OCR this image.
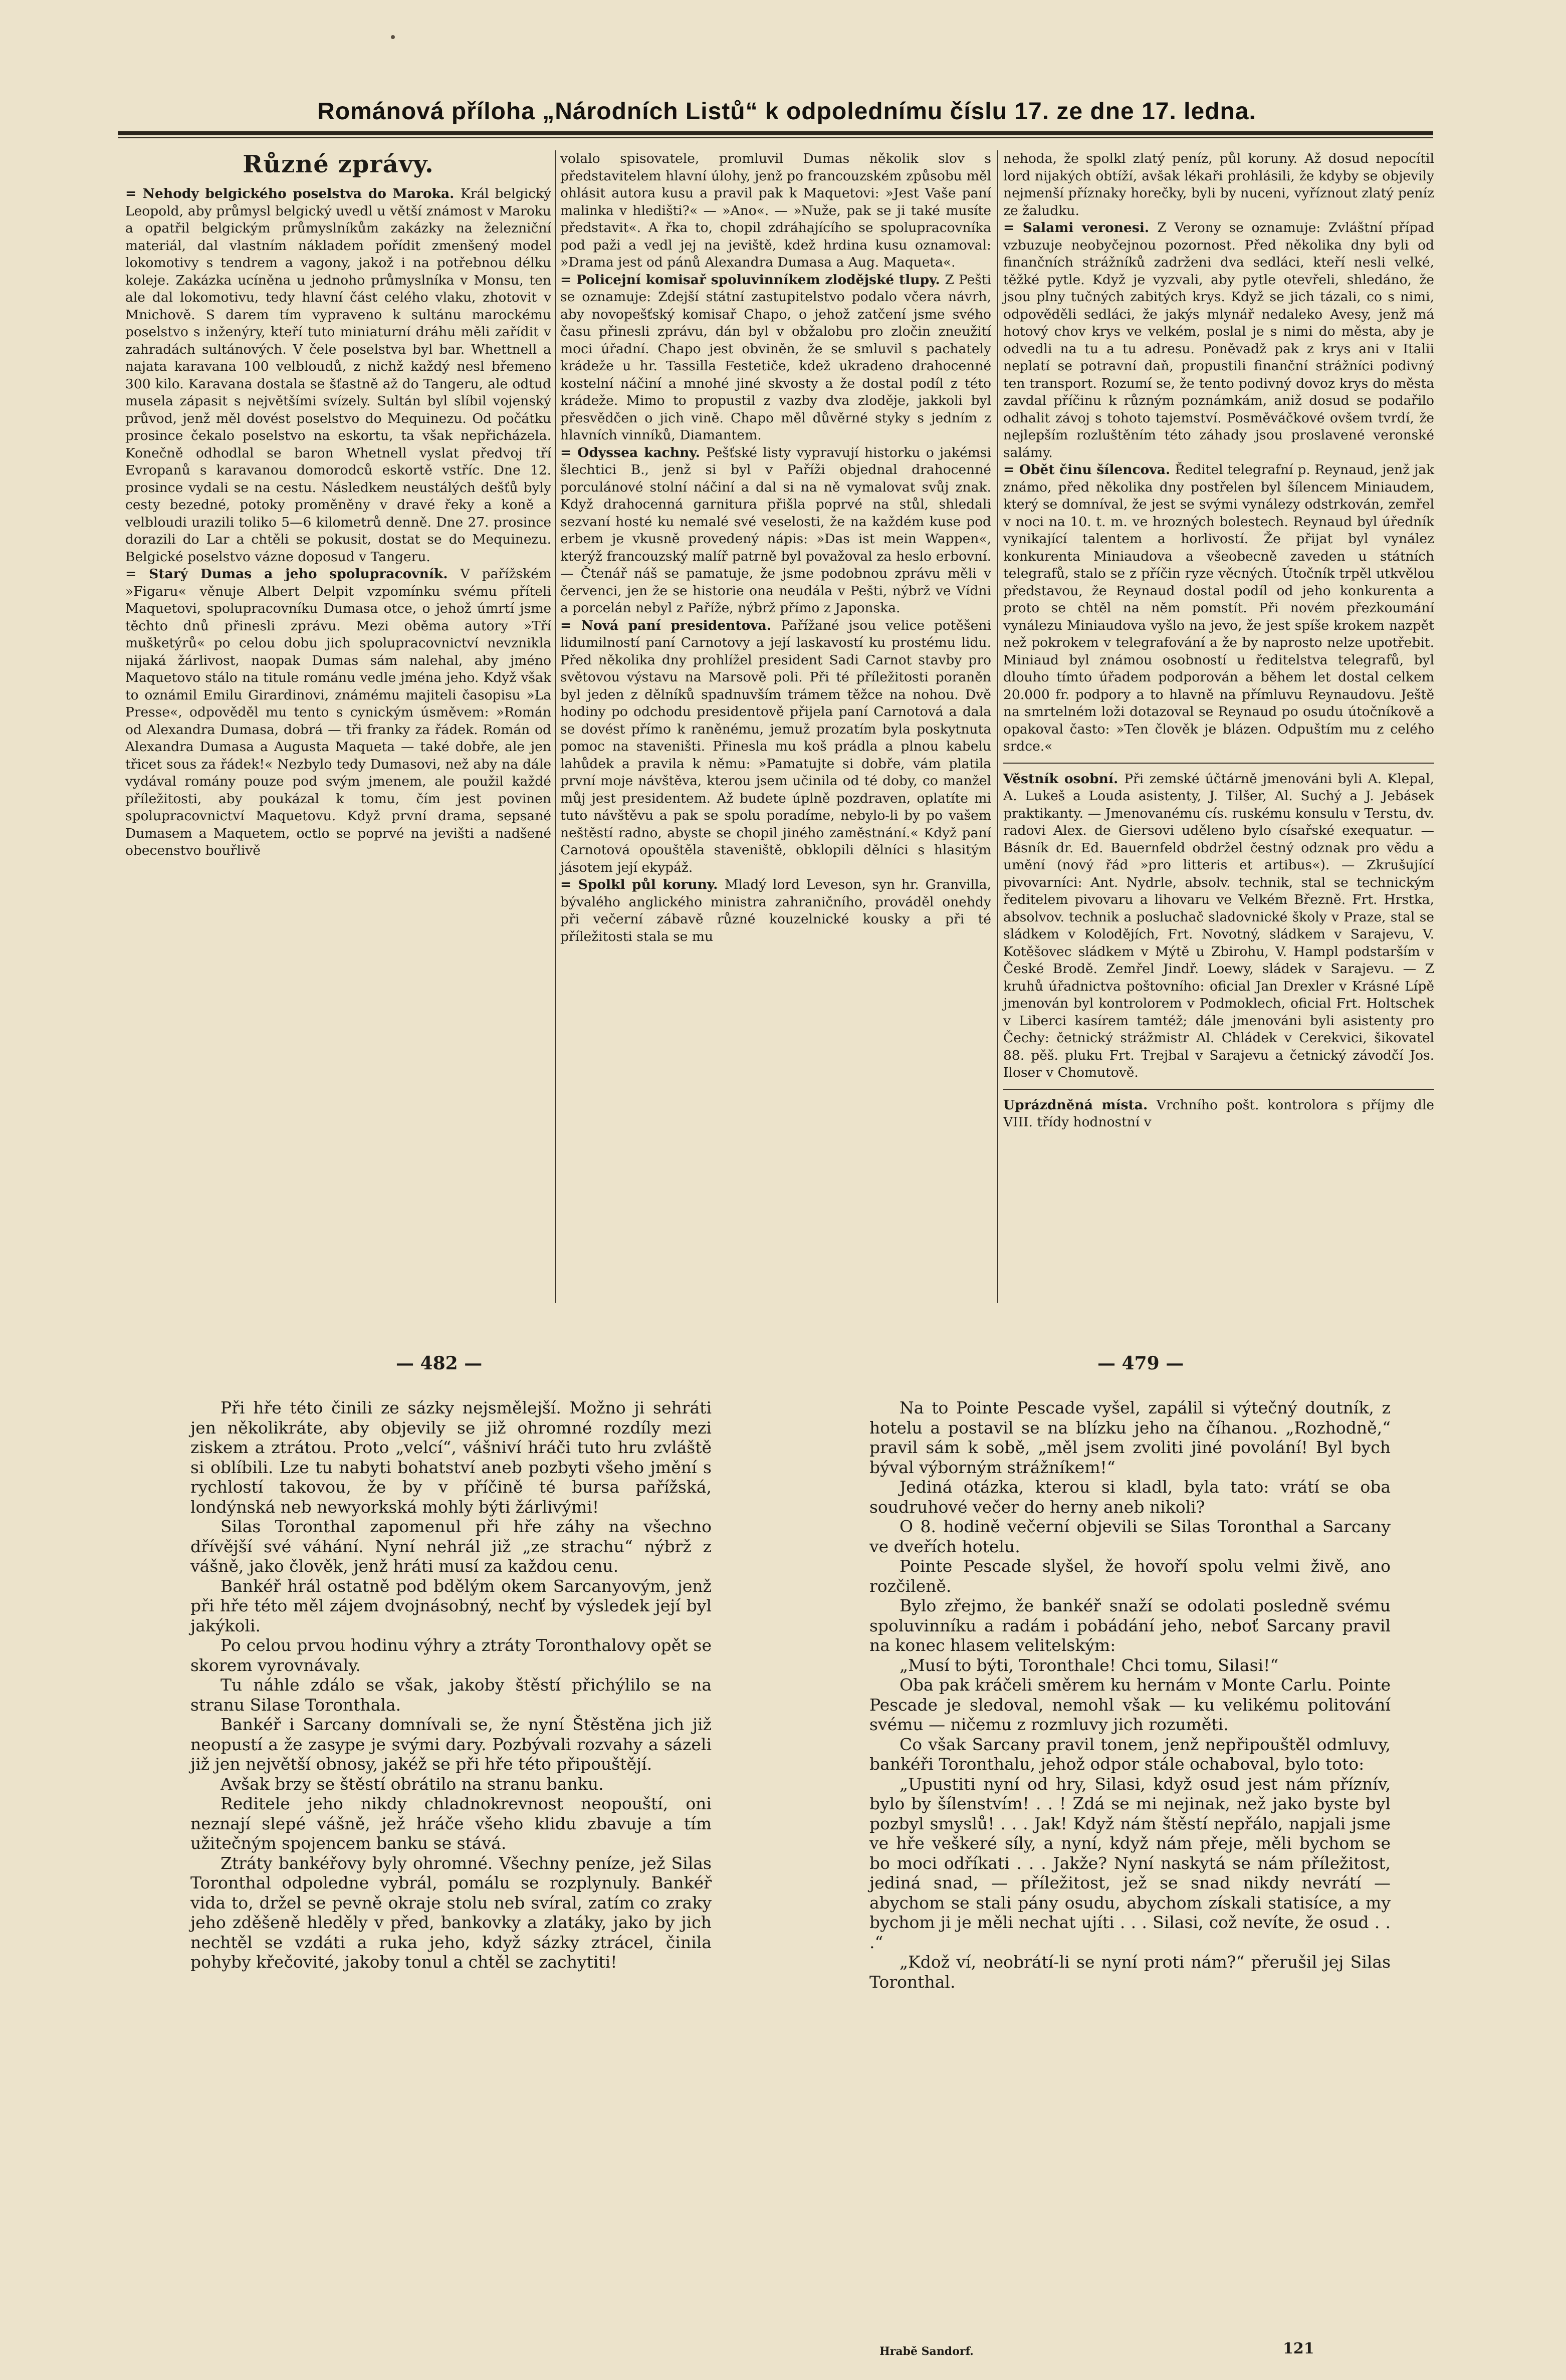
Románová příloha „Národních Listů“ k odpolednímu číslu 17. ze dne 17. ledna.
Různé zprávy.

= Nehody belgického poselstva do Maroka. Král belgický Leopold, aby průmysl belgický uvedl u větší známost v Maroku a opatřil belgickým průmyslníkům zakázky na železniční materiál, dal vlastním nákladem pořídit zmenšený model lokomotivy s tendrem a vagony, jakož i na potřebnou délku koleje. Zakázka ucíněna u jednoho průmyslníka v Monsu, ten ale dal lokomotivu, tedy hlavní část celého vlaku, zhotovit v Mnichově. S darem tím vypraveno k sultánu marockému poselstvo s inženýry, kteří tuto miniaturní dráhu měli zařídit v zahradách sultánových. V čele poselstva byl bar. Whettnell a najata karavana 100 velbloudů, z nichž každý nesl břemeno 300 kilo. Karavana dostala se šťastně až do Tangeru, ale odtud musela zápasit s největšími svízely. Sultán byl slíbil vojenský průvod, jenž měl dovést poselstvo do Mequinezu. Od počátku prosince čekalo poselstvo na eskortu, ta však nepřicházela. Konečně odhodlal se baron Whetnell vyslat předvoj tří Evropanů s karavanou domorodců eskortě vstříc. Dne 12. prosince vydali se na cestu. Následkem neustálých dešťů byly cesty bezedné, potoky proměněny v dravé řeky a koně a velbloudi urazili toliko 5—6 kilometrů denně. Dne 27. prosince dorazili do Lar a chtěli se pokusit, dostat se do Mequinezu. Belgické poselstvo vázne doposud v Tangeru.

= Starý Dumas a jeho spolupracovník. V pařížském »Figaru« věnuje Albert Delpit vzpomínku svému příteli Maquetovi, spolupracovníku Dumasa otce, o jehož úmrtí jsme těchto dnů přinesli zprávu. Mezi oběma autory »Tří mušketýrů« po celou dobu jich spolupracovnictví nevznikla nijaká žárlivost, naopak Dumas sám nalehal, aby jméno Maquetovo stálo na titule románu vedle jména jeho. Když však to oznámil Emilu Girardinovi, známému majiteli časopisu »La Presse«, odpověděl mu tento s cynickým úsměvem: »Román od Alexandra Dumasa, dobrá — tři franky za řádek. Román od Alexandra Dumasa a Augusta Maqueta — také dobře, ale jen třicet sous za řádek!« Nezbylo tedy Dumasovi, než aby na dále vydával romány pouze pod svým jmenem, ale použil každé příležitosti, aby poukázal k tomu, čím jest povinen spolupracovnictví Maquetovu. Když první drama, sepsané Dumasem a Maquetem, octlo se poprvé na jevišti a nadšené obecenstvo bouřlivě

volalo spisovatele, promluvil Dumas několik slov s představitelem hlavní úlohy, jenž po francouzském způsobu měl ohlásit autora kusu a pravil pak k Maquetovi: »Jest Vaše paní malinka v hledišti?« — »Ano«. — »Nuže, pak se ji také musíte představit«. A řka to, chopil zdráhajícího se spolupracovníka pod paži a vedl jej na jeviště, kdež hrdina kusu oznamoval: »Drama jest od pánů Alexandra Dumasa a Aug. Maqueta«.

= Policejní komisař spoluvinníkem zlodějské tlupy. Z Pešti se oznamuje: Zdejší státní zastupitelstvo podalo včera návrh, aby novopešťský komisař Chapo, o jehož zatčení jsme svého času přinesli zprávu, dán byl v obžalobu pro zločin zneužití moci úřadní. Chapo jest obviněn, že se smluvil s pachately krádeže u hr. Tassilla Festetiče, kdež ukradeno drahocenné kostelní náčiní a mnohé jiné skvosty a že dostal podíl z této krádeže. Mimo to propustil z vazby dva zloděje, jakkoli byl přesvědčen o jich vině. Chapo měl důvěrné styky s jedním z hlavních vinníků, Diamantem.

= Odyssea kachny. Pešťské listy vypravují historku o jakémsi šlechtici B., jenž si byl v Paříži objednal drahocenné porculánové stolní náčiní a dal si na ně vymalovat svůj znak. Když drahocenná garnitura přišla poprvé na stůl, shledali sezvaní hosté ku nemalé své veselosti, že na každém kuse pod erbem je vkusně provedený nápis: »Das ist mein Wappen«, kterýž francouzský malíř patrně byl považoval za heslo erbovní. — Čtenář náš se pamatuje, že jsme podobnou zprávu měli v červenci, jen že se historie ona neudála v Pešti, nýbrž ve Vídni a porcelán nebyl z Paříže, nýbrž přímo z Japonska.

= Nová paní presidentova. Pařížané jsou velice potěšeni lidumilností paní Carnotovy a její laskavostí ku prostému lidu. Před několika dny prohlížel president Sadi Carnot stavby pro světovou výstavu na Marsově poli. Při té příležitosti poraněn byl jeden z dělníků spadnuvším trámem těžce na nohou. Dvě hodiny po odchodu presidentově přijela paní Carnotová a dala se dovést přímo k raněnému, jemuž prozatím byla poskytnuta pomoc na staveništi. Přinesla mu koš prádla a plnou kabelu lahůdek a pravila k němu: »Pamatujte si dobře, vám platila první moje návštěva, kterou jsem učinila od té doby, co manžel můj jest presidentem. Až budete úplně pozdraven, oplatíte mi tuto návštěvu a pak se spolu poradíme, nebylo-li by po vašem neštěstí radno, abyste se chopil jiného zaměstnání.« Když paní Carnotová opouštěla staveniště, obklopili dělníci s hlasitým jásotem její ekypáž.

= Spolkl půl koruny. Mladý lord Leveson, syn hr. Granvilla, bývalého anglického ministra zahraničního, prováděl onehdy při večerní zábavě různé kouzelnické kousky a při té příležitosti stala se mu

nehoda, že spolkl zlatý peníz, půl koruny. Až dosud nepocítil lord nijakých obtíží, avšak lékaři prohlásili, že kdyby se objevily nejmenší příznaky horečky, byli by nuceni, vyříznout zlatý peníz ze žaludku.

= Salami veronesi. Z Verony se oznamuje: Zvláštní případ vzbuzuje neobyčejnou pozornost. Před několika dny byli od finančních strážníků zadrženi dva sedláci, kteří nesli velké, těžké pytle. Když je vyzvali, aby pytle otevřeli, shledáno, že jsou plny tučných zabitých krys. Když se jich tázali, co s nimi, odpověděli sedláci, že jakýs mlynář nedaleko Avesy, jenž má hotový chov krys ve velkém, poslal je s nimi do města, aby je odvedli na tu a tu adresu. Poněvadž pak z krys ani v Italii neplatí se potravní daň, propustili finanční strážníci podivný ten transport. Rozumí se, že tento podivný dovoz krys do města zavdal příčinu k různým poznámkám, aniž dosud se podařilo odhalit závoj s tohoto tajemství. Posměváčkové ovšem tvrdí, že nejlepším rozluštěním této záhady jsou proslavené veronské salámy.

= Obět činu šílencova. Ředitel telegrafní p. Reynaud, jenž jak známo, před několika dny postřelen byl šílencem Miniaudem, který se domníval, že jest se svými vynálezy odstrkován, zemřel v noci na 10. t. m. ve hrozných bolestech. Reynaud byl úředník vynikající talentem a horlivostí. Že přijat byl vynález konkurenta Miniaudova a všeobecně zaveden u státních telegrafů, stalo se z příčin ryze věcných. Útočník trpěl utkvělou představou, že Reynaud dostal podíl od jeho konkurenta a proto se chtěl na něm pomstít. Při novém přezkoumání vynálezu Miniaudova vyšlo na jevo, že jest spíše krokem nazpět než pokrokem v telegrafování a že by naprosto nelze upotřebit. Miniaud byl známou osobností u ředitelstva telegrafů, byl dlouho tímto úřadem podporován a během let dostal celkem 20.000 fr. podpory a to hlavně na přímluvu Reynaudovu. Ještě na smrtelném loži dotazoval se Reynaud po osudu útočníkově a opakoval často: »Ten člověk je blázen. Odpuštím mu z celého srdce.«

Věstník osobní. Při zemské účtárně jmenováni byli A. Klepal, A. Lukeš a Louda asistenty, J. Tilšer, Al. Suchý a J. Jebásek praktikanty. — Jmenovanému cís. ruskému konsulu v Terstu, dv. radovi Alex. de Giersovi uděleno bylo císařské exequatur. — Básník dr. Ed. Bauernfeld obdržel čestný odznak pro vědu a umění (nový řád »pro litteris et artibus«). — Zkrušující pivovarníci: Ant. Nydrle, absolv. technik, stal se technickým ředitelem pivovaru a lihovaru ve Velkém Březně. Frt. Hrstka, absolvov. technik a posluchač sladovnické školy v Praze, stal se sládkem v Kolodějích, Frt. Novotný, sládkem v Sarajevu, V. Kotěšovec sládkem v Mýtě u Zbirohu, V. Hampl podstarším v České Brodě. Zemřel Jindř. Loewy, sládek v Sarajevu. — Z kruhů úřadnictva poštovního: oficial Jan Drexler v Krásné Lípě jmenován byl kontrolorem v Podmoklech, oficial Frt. Holtschek v Liberci kasírem tamtéž; dále jmenováni byli asistenty pro Čechy: četnický strážmistr Al. Chládek v Cerekvici, šikovatel 88. pěš. pluku Frt. Trejbal v Sarajevu a četnický závodčí Jos. Iloser v Chomutově.

Uprázdněná místa. Vrchního pošt. kontrolora s příjmy dle VIII. třídy hodnostní v

— 482 —	— 479 —

Při hře této činili ze sázky nejsmělejší. Možno ji sehráti jen několikráte, aby objevily se již ohromné rozdíly mezi ziskem a ztrátou. Proto „velcí“, vášniví hráči tuto hru zvláště si oblíbili. Lze tu nabyti bohatství aneb pozbyti všeho jmění s rychlostí takovou, že by v příčině té bursa pařížská, londýnská neb newyorkská mohly býti žárlivými!

Silas Toronthal zapomenul při hře záhy na všechno dřívější své váhání. Nyní nehrál již „ze strachu“ nýbrž z vášně, jako člověk, jenž hráti musí za každou cenu.

Bankéř hrál ostatně pod bdělým okem Sarcanyovým, jenž při hře této měl zájem dvojnásobný, nechť by výsledek její byl jakýkoli.

Po celou prvou hodinu výhry a ztráty Toronthalovy opět se skorem vyrovnávaly.

Tu náhle zdálo se však, jakoby štěstí přichýlilo se na stranu Silase Toronthala.

Bankéř i Sarcany domnívali se, že nyní Štěstěna jich již neopustí a že zasype je svými dary. Pozbývali rozvahy a sázeli již jen největší obnosy, jakéž se při hře této připouštějí.

Avšak brzy se štěstí obrátilo na stranu banku.

Reditele jeho nikdy chladnokrevnost neopouští, oni neznají slepé vášně, jež hráče všeho klidu zbavuje a tím užitečným spojencem banku se stává.

Ztráty bankéřovy byly ohromné. Všechny peníze, jež Silas Toronthal odpoledne vybrál, pomálu se rozplynuly. Bankéř vida to, držel se pevně okraje stolu neb svíral, zatím co zraky jeho zděšeně hleděly v před, bankovky a zlatáky, jako by jich nechtěl se vzdáti a ruka jeho, když sázky ztrácel, činila pohyby křečovité, jakoby tonul a chtěl se zachytiti!

Na to Pointe Pescade vyšel, zapálil si výtečný doutník, z hotelu a postavil se na blízku jeho na číhanou. „Rozhodně,“ pravil sám k sobě, „měl jsem zvoliti jiné povolání! Byl bych býval výborným strážníkem!“

Jediná otázka, kterou si kladl, byla tato: vrátí se oba soudruhové večer do herny aneb nikoli?

O 8. hodině večerní objevili se Silas Toronthal a Sarcany ve dveřích hotelu.

Pointe Pescade slyšel, že hovoří spolu velmi živě, ano rozčileně.

Bylo zřejmo, že bankéř snaží se odolati posledně svému spoluvinníku a radám i pobádání jeho, neboť Sarcany pravil na konec hlasem velitelským:

„Musí to býti, Toronthale! Chci tomu, Silasi!“

Oba pak kráčeli směrem ku hernám v Monte Carlu. Pointe Pescade je sledoval, nemohl však — ku velikému politování svému — ničemu z rozmluvy jich rozuměti.

Co však Sarcany pravil tonem, jenž nepřipouštěl odmluvy, bankéři Toronthalu, jehož odpor stále ochaboval, bylo toto:

„Upustiti nyní od hry, Silasi, když osud jest nám příznív, bylo by šílenstvím! . . ! Zdá se mi nejinak, než jako byste byl pozbyl smyslů! . . . Jak! Když nám štěstí nepřálo, napjali jsme ve hře veškeré síly, a nyní, když nám přeje, měli bychom se bo moci odříkati . . . Jakže? Nyní naskytá se nám příležitost, jediná snad, — příležitost, jež se snad nikdy nevrátí — abychom se stali pány osudu, abychom získali statisíce, a my bychom ji je měli nechat ujíti . . . Silasi, což nevíte, že osud . . .“

„Kdož ví, neobrátí-li se nyní proti nám?“ přerušil jej Silas Toronthal.

Hrabě Sandorf.	121
